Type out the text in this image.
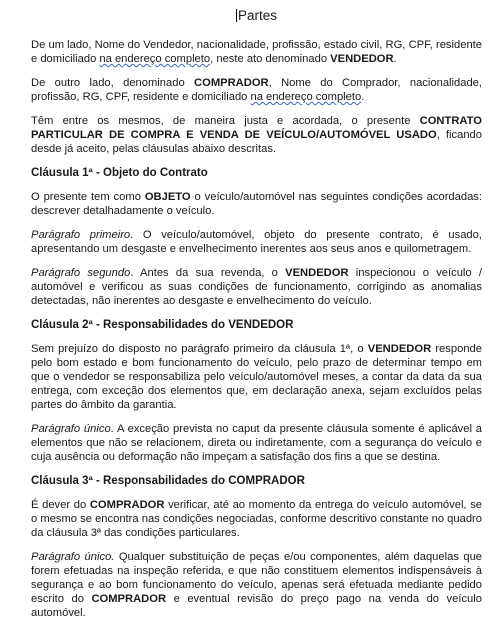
Partes

De um lado, Nome do Vendedor, nacionalidade, profissão, estado civil, RG, CPF, residente e domiciliado na endereço completo, neste ato denominado VENDEDOR.

De outro lado, denominado COMPRADOR, Nome do Comprador, nacionalidade, profissão, RG, CPF, residente e domiciliado na endereço completo.

Têm entre os mesmos, de maneira justa e acordada, o presente CONTRATO PARTICULAR DE COMPRA E VENDA DE VEÍCULO/AUTOMÓVEL USADO, ficando desde já aceito, pelas cláusulas abaixo descritas.

Cláusula 1ª - Objeto do Contrato

O presente tem como OBJETO o veículo/automóvel nas seguintes condições acordadas: descrever detalhadamente o veículo.

Parágrafo primeiro. O veículo/automóvel, objeto do presente contrato, é usado, apresentando um desgaste e envelhecimento inerentes aos seus anos e quilometragem.

Parágrafo segundo. Antes da sua revenda, o VENDEDOR inspecionou o veículo / automóvel e verificou as suas condições de funcionamento, corrigindo as anomalias detectadas, não inerentes ao desgaste e envelhecimento do veículo.

Cláusula 2ª - Responsabilidades do VENDEDOR

Sem prejuízo do disposto no parágrafo primeiro da cláusula 1ª, o VENDEDOR responde pelo bom estado e bom funcionamento do veículo, pelo prazo de determinar tempo em que o vendedor se responsabiliza pelo veículo/automóvel meses, a contar da data da sua entrega, com exceção dos elementos que, em declaração anexa, sejam excluídos pelas partes do âmbito da garantia.

Parágrafo único. A exceção prevista no caput da presente cláusula somente é aplicável a elementos que não se relacionem, direta ou indiretamente, com a segurança do veículo e cuja ausência ou deformação não impeçam a satisfação dos fins a que se destina.

Cláusula 3ª - Responsabilidades do COMPRADOR

É dever do COMPRADOR verificar, até ao momento da entrega do veículo automóvel, se o mesmo se encontra nas condições negociadas, conforme descritivo constante no quadro da cláusula 3ª das condições particulares.

Parágrafo único. Qualquer substituição de peças e/ou componentes, além daquelas que forem efetuadas na inspeção referida, e que não constituem elementos indispensáveis à segurança e ao bom funcionamento do veículo, apenas será efetuada mediante pedido escrito do COMPRADOR e eventual revisão do preço pago na venda do veículo automóvel.
